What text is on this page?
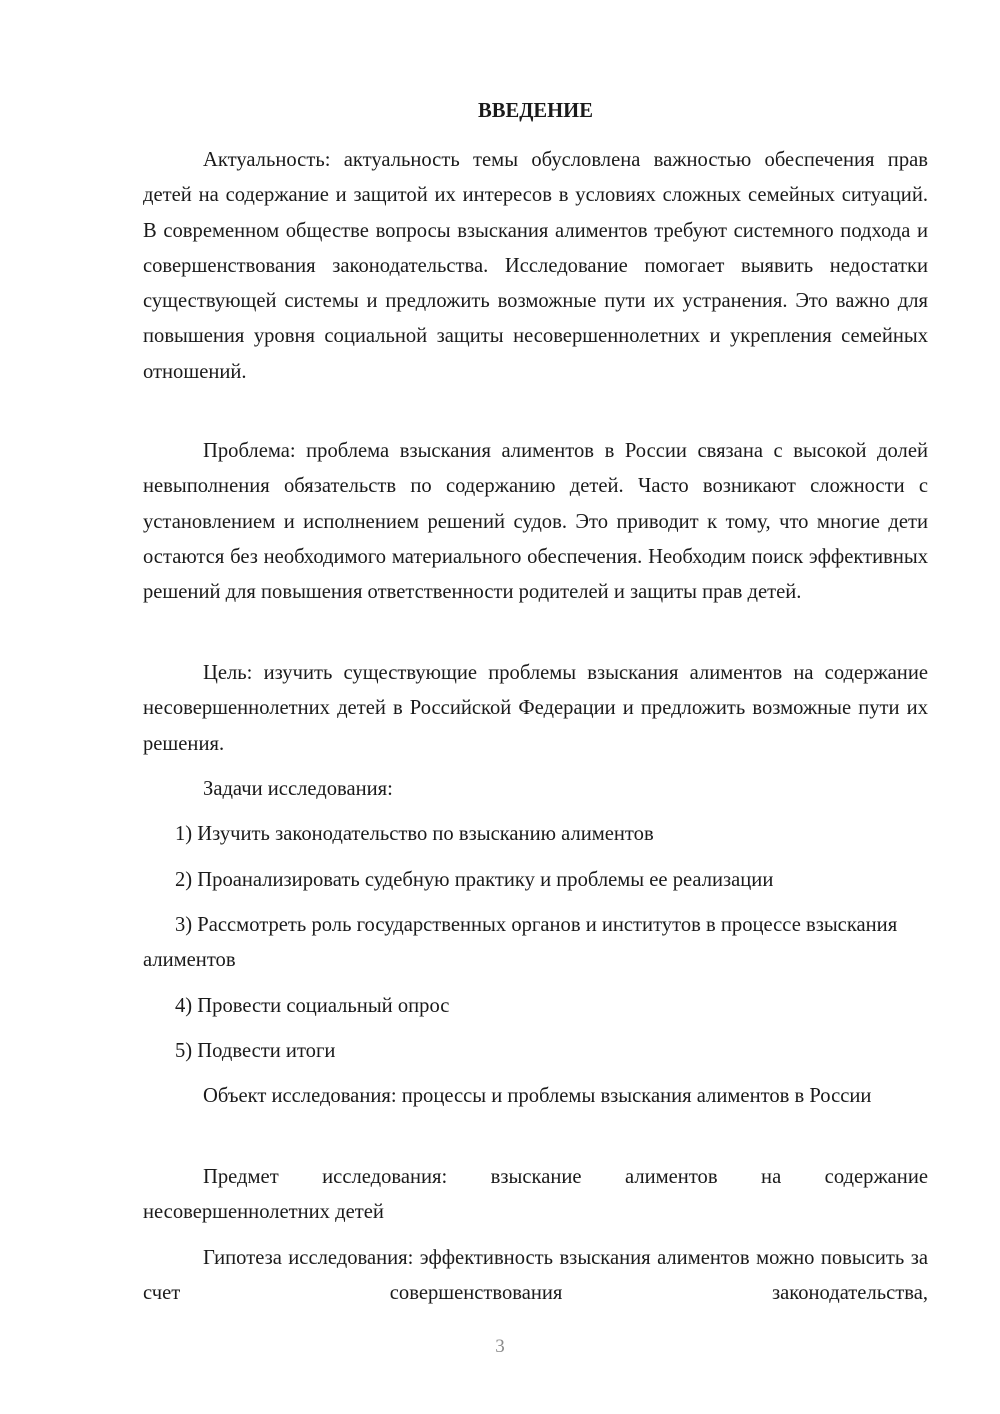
ВВЕДЕНИЕ

Актуальность: актуальность темы обусловлена важностью обеспечения прав детей на содержание и защитой их интересов в условиях сложных семейных ситуаций. В современном обществе вопросы взыскания алиментов требуют системного подхода и совершенствования законодательства. Исследование помогает выявить недостатки существующей системы и предложить возможные пути их устранения. Это важно для повышения уровня социальной защиты несовершеннолетних и укрепления семейных отношений.

Проблема: проблема взыскания алиментов в России связана с высокой долей невыполнения обязательств по содержанию детей. Часто возникают сложности с установлением и исполнением решений судов. Это приводит к тому, что многие дети остаются без необходимого материального обеспечения. Необходим поиск эффективных решений для повышения ответственности родителей и защиты прав детей.

Цель: изучить существующие проблемы взыскания алиментов на содержание несовершеннолетних детей в Российской Федерации и предложить возможные пути их решения.

Задачи исследования:

1) Изучить законодательство по взысканию алиментов

2) Проанализировать судебную практику и проблемы ее реализации

3) Рассмотреть роль государственных органов и институтов в процессе взыскания алиментов

4) Провести социальный опрос

5) Подвести итоги

Объект исследования: процессы и проблемы взыскания алиментов в России

Предмет исследования: взыскание алиментов на содержание несовершеннолетних детей

Гипотеза исследования: эффективность взыскания алиментов можно повысить за счет совершенствования законодательства,

3
